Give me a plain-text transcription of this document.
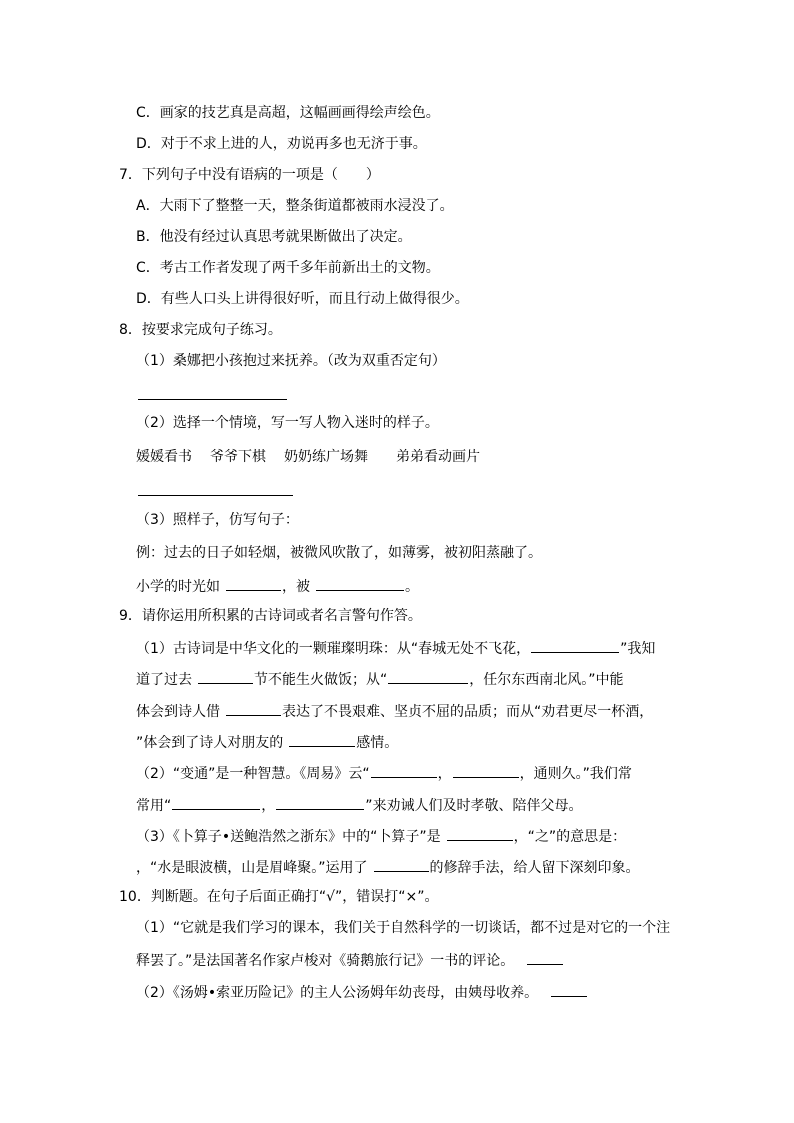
C．画家的技艺真是高超，这幅画画得绘声绘色。
D．对于不求上进的人，劝说再多也无济于事。
7．下列句子中没有语病的一项是（　　）
A．大雨下了整整一天，整条街道都被雨水浸没了。
B．他没有经过认真思考就果断做出了决定。
C．考古工作者发现了两千多年前新出土的文物。
D．有些人口头上讲得很好听，而且行动上做得很少。
8．按要求完成句子练习。
（1）桑娜把小孩抱过来抚养。（改为双重否定句）
（2）选择一个情境，写一写人物入迷时的样子。
媛媛看书 爷爷下棋 奶奶练广场舞 弟弟看动画片
（3）照样子，仿写句子：
例：过去的日子如轻烟，被微风吹散了，如薄雾，被初阳蒸融了。
小学的时光如	，被	。
9．请你运用所积累的古诗词或者名言警句作答。
（1）古诗词是中华文化的一颗璀璨明珠：从“春城无处不飞花，	”我知
道了过去	节不能生火做饭；从“	，任尔东西南北风。”中能
体会到诗人借	表达了不畏艰难、坚贞不屈的品质；而从“劝君更尽一杯酒，
”体会到了诗人对朋友的	感情。
（2）“变通”是一种智慧。《周易》云“	，	，通则久。”我们常
常用“	，	”来劝诫人们及时孝敬、陪伴父母。
（3）《卜算子•送鲍浩然之浙东》中的“卜算子”是	，“之”的意思是：
，“水是眼波横，山是眉峰聚。”运用了	的修辞手法，给人留下深刻印象。
10．判断题。在句子后面正确打“√”，错误打“×”。
（1）“它就是我们学习的课本，我们关于自然科学的一切谈话，都不过是对它的一个注
释罢了。”是法国著名作家卢梭对《骑鹅旅行记》一书的评论。
（2）《汤姆•索亚历险记》的主人公汤姆年幼丧母，由姨母收养。
